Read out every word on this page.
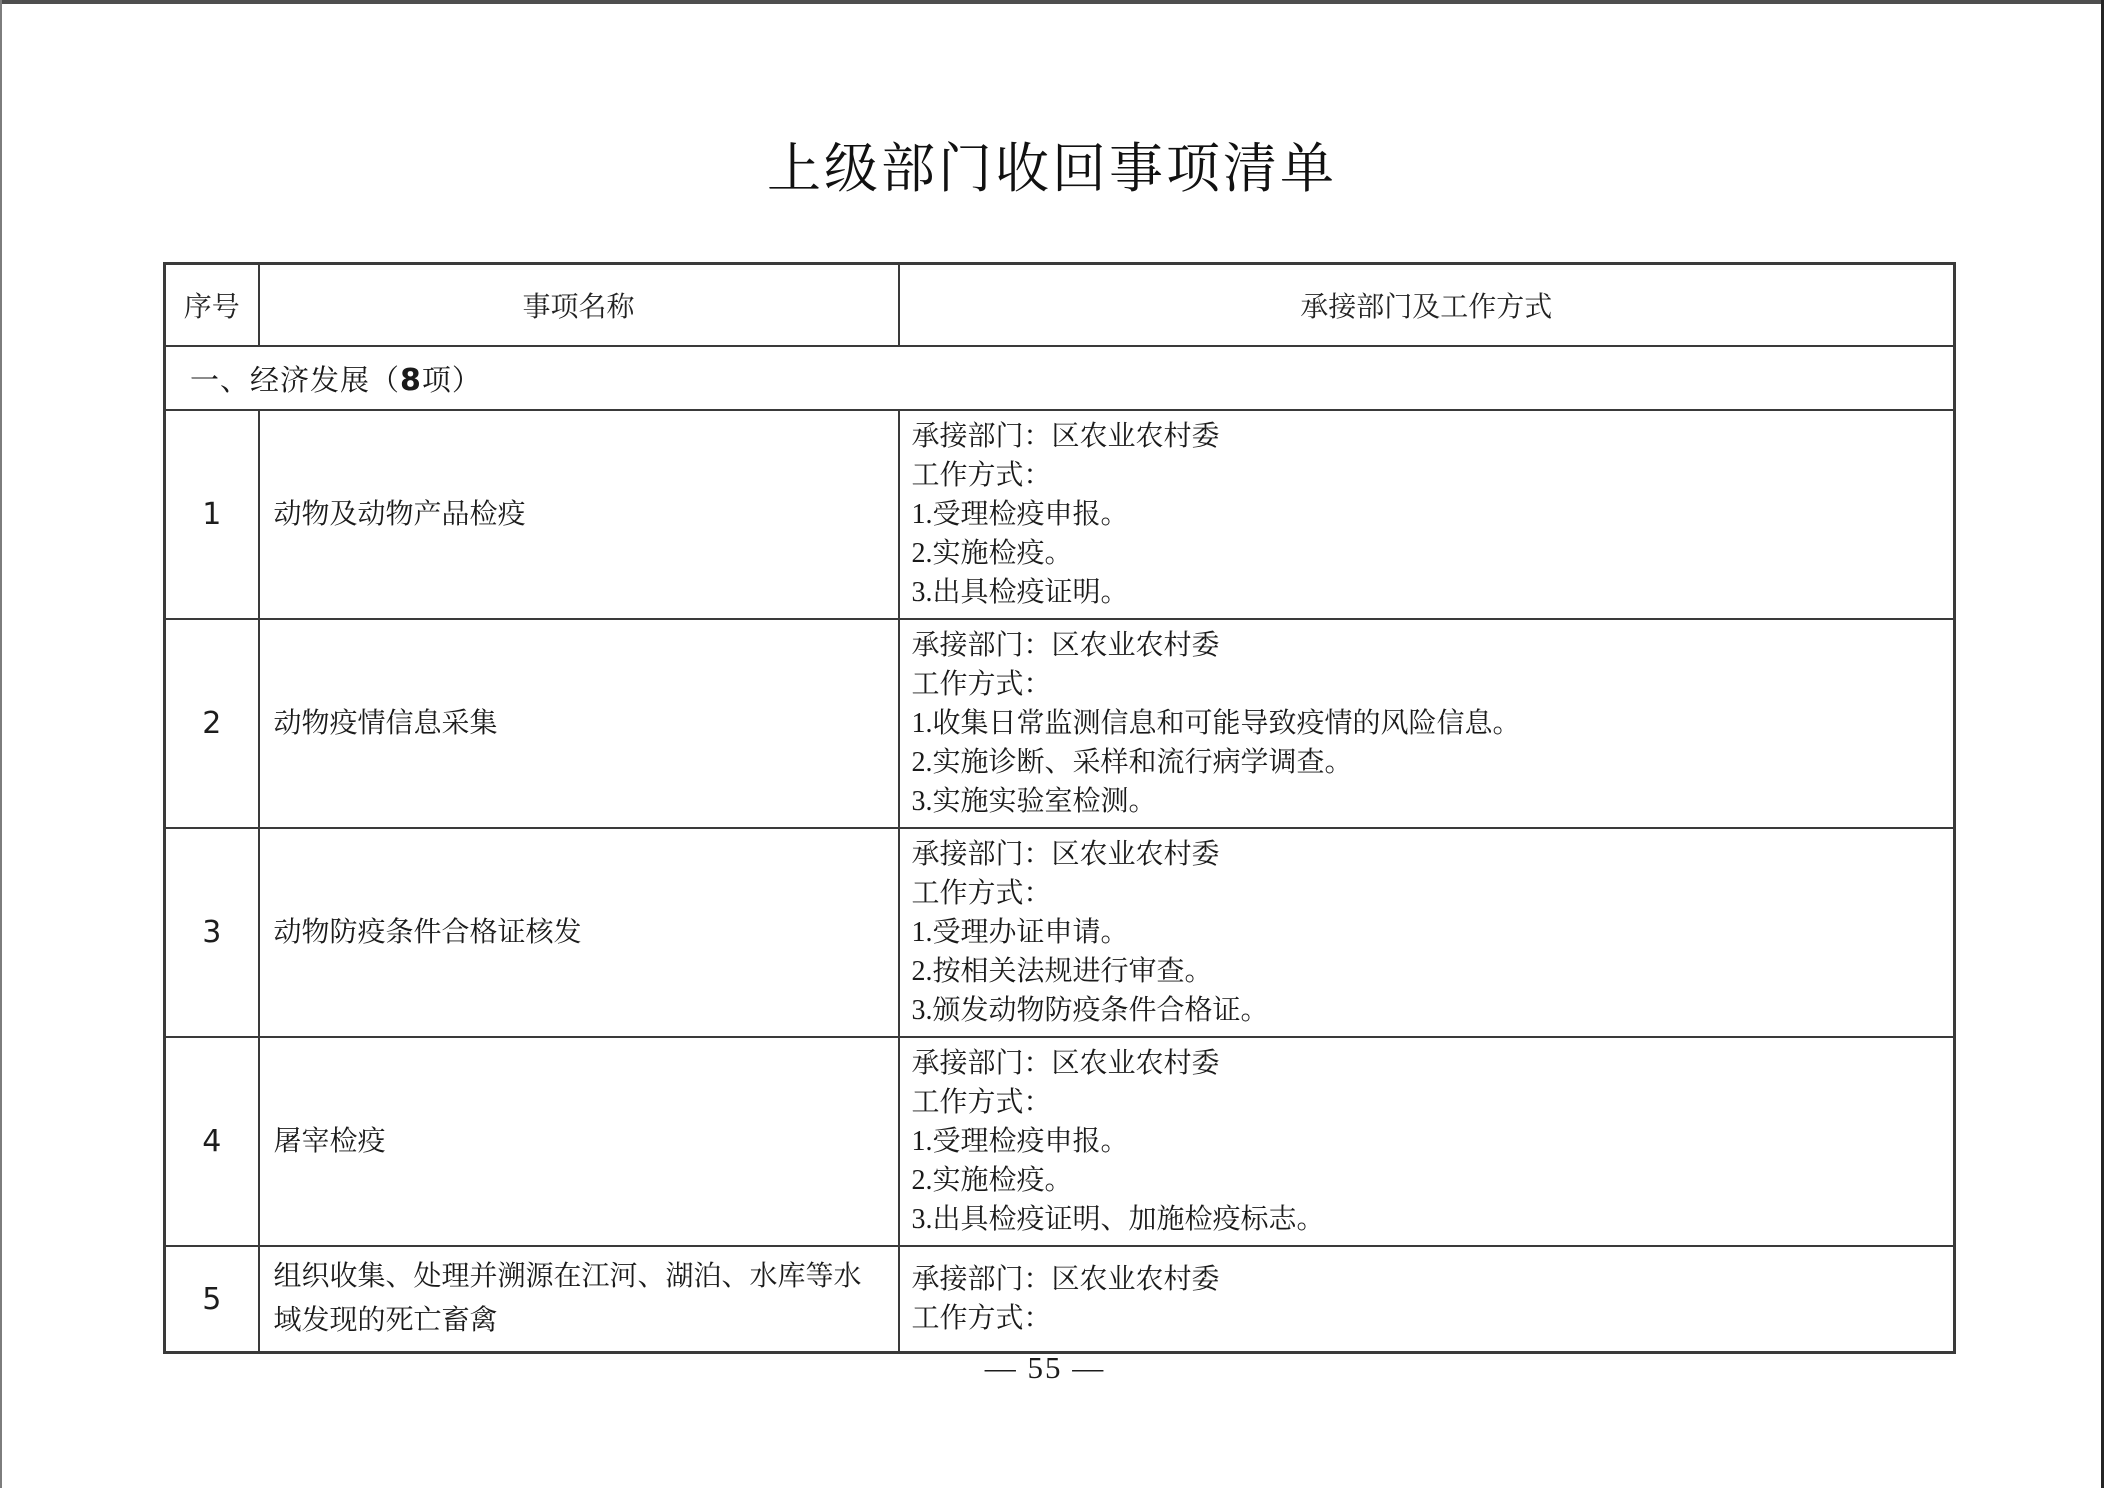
上级部门收回事项清单
序号	事项名称	承接部门及工作方式
一、经济发展（8项）		
1	动物及动物产品检疫	承接部门：区农业农村委
工作方式：
1.受理检疫申报。
2.实施检疫。
3.出具检疫证明。

2	动物疫情信息采集	承接部门：区农业农村委
工作方式：
1.收集日常监测信息和可能导致疫情的风险信息。
2.实施诊断、采样和流行病学调查。
3.实施实验室检测。

3	动物防疫条件合格证核发	承接部门：区农业农村委
工作方式：
1.受理办证申请。
2.按相关法规进行审查。
3.颁发动物防疫条件合格证。

4	屠宰检疫	承接部门：区农业农村委
工作方式：
1.受理检疫申报。
2.实施检疫。
3.出具检疫证明、加施检疫标志。

5	组织收集、处理并溯源在江河、湖泊、水库等水域发现的死亡畜禽	承接部门：区农业农村委
工作方式：
— 55 —
